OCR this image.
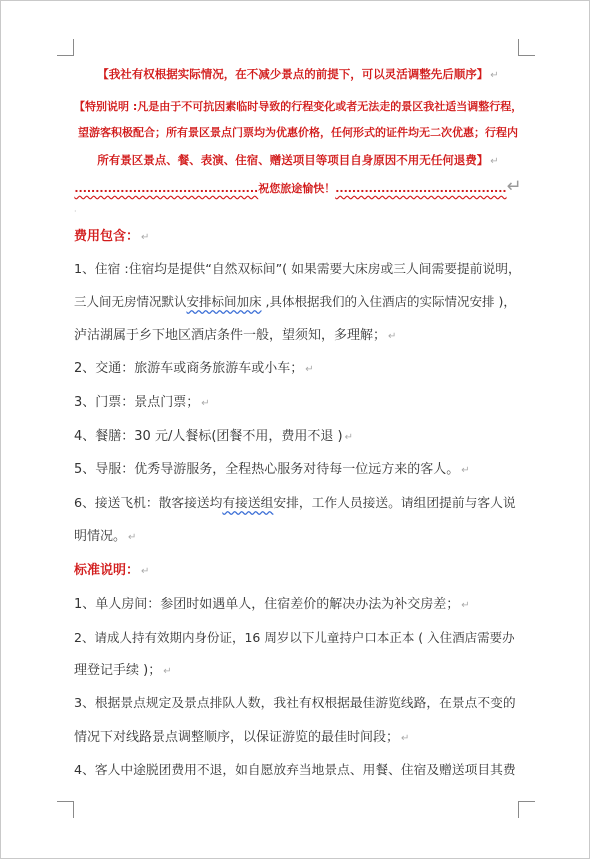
·
【我社有权根据实际情况，在不减少景点的前提下，可以灵活调整先后顺序】 ↵
【特别说明 :凡是由于不可抗因素临时导致的行程变化或者无法走的景区我社适当调整行程，
望游客积极配合；所有景区景点门票均为优惠价格，任何形式的证件均无二次优惠；行程内
所有景区景点、餐、表演、住宿、赠送项目等项目自身原因不用无任何退费】 ↵
............................................祝您旅途愉快！.........................................↵
费用包含： ↵
1、住宿 :住宿均是提供“自然双标间”( 如果需要大床房或三人间需要提前说明，
三人间无房情况默认安排标间加床 ,具体根据我们的入住酒店的实际情况安排 )，
泸沽湖属于乡下地区酒店条件一般，望须知，多理解； ↵
2、交通：旅游车或商务旅游车或小车； ↵
3、门票：景点门票； ↵
4、餐膳：30 元/人餐标(团餐不用，费用不退 ) ↵
5、导服：优秀导游服务，全程热心服务对待每一位远方来的客人。 ↵
6、接送飞机：散客接送均有接送组安排，工作人员接送。请组团提前与客人说
明情况。 ↵
标准说明： ↵
1、单人房间：参团时如遇单人，住宿差价的解决办法为补交房差； ↵
2、请成人持有效期内身份证，16 周岁以下儿童持户口本正本 ( 入住酒店需要办
理登记手续 )； ↵
3、根据景点规定及景点排队人数，我社有权根据最佳游览线路，在景点不变的
情况下对线路景点调整顺序，以保证游览的最佳时间段； ↵
4、客人中途脱团费用不退，如自愿放弃当地景点、用餐、住宿及赠送项目其费
